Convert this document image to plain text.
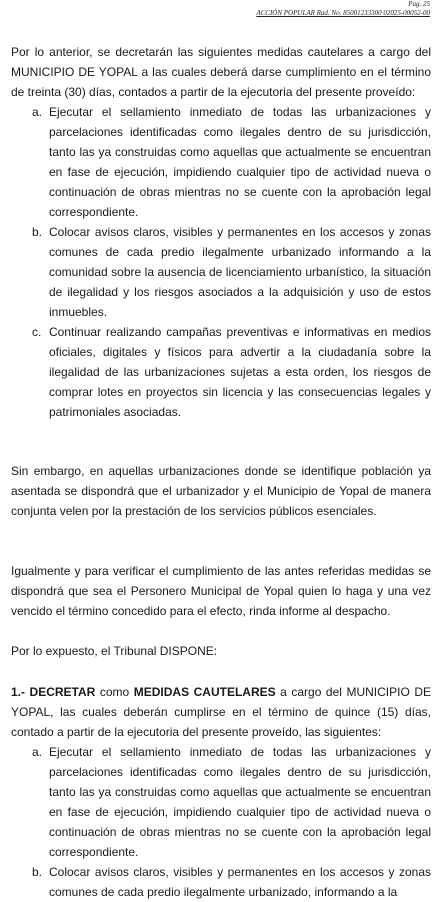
Pag. 25
ACCIÓN POPULAR Rad. No. 85001233300 02025-00052-00

Por lo anterior, se decretarán las siguientes medidas cautelares a cargo del MUNICIPIO DE YOPAL a las cuales deberá darse cumplimiento en el término de treinta (30) días, contados a partir de la ejecutoria del presente proveído:

a. Ejecutar el sellamiento inmediato de todas las urbanizaciones y parcelaciones identificadas como ilegales dentro de su jurisdicción, tanto las ya construidas como aquellas que actualmente se encuentran en fase de ejecución, impidiendo cualquier tipo de actividad nueva o continuación de obras mientras no se cuente con la aprobación legal correspondiente.
b. Colocar avisos claros, visibles y permanentes en los accesos y zonas comunes de cada predio ilegalmente urbanizado informando a la comunidad sobre la ausencia de licenciamiento urbanístico, la situación de ilegalidad y los riesgos asociados a la adquisición y uso de estos inmuebles.
c. Continuar realizando campañas preventivas e informativas en medios oficiales, digitales y físicos para advertir a la ciudadanía sobre la ilegalidad de las urbanizaciones sujetas a esta orden, los riesgos de comprar lotes en proyectos sin licencia y las consecuencias legales y patrimoniales asociadas.

Sin embargo, en aquellas urbanizaciones donde se identifique población ya asentada se dispondrá que el urbanizador y el Municipio de Yopal de manera conjunta velen por la prestación de los servicios públicos esenciales.

Igualmente y para verificar el cumplimiento de las antes referidas medidas se dispondrá que sea el Personero Municipal de Yopal quien lo haga y una vez vencido el término concedido para el efecto, rinda informe al despacho.

Por lo expuesto, el Tribunal DISPONE:

1.- DECRETAR como MEDIDAS CAUTELARES a cargo del MUNICIPIO DE YOPAL, las cuales deberán cumplirse en el término de quince (15) días, contado a partir de la ejecutoria del presente proveído, las siguientes:

a. Ejecutar el sellamiento inmediato de todas las urbanizaciones y parcelaciones identificadas como ilegales dentro de su jurisdicción, tanto las ya construidas como aquellas que actualmente se encuentran en fase de ejecución, impidiendo cualquier tipo de actividad nueva o continuación de obras mientras no se cuente con la aprobación legal correspondiente.
b. Colocar avisos claros, visibles y permanentes en los accesos y zonas comunes de cada predio ilegalmente urbanizado, informando a la
